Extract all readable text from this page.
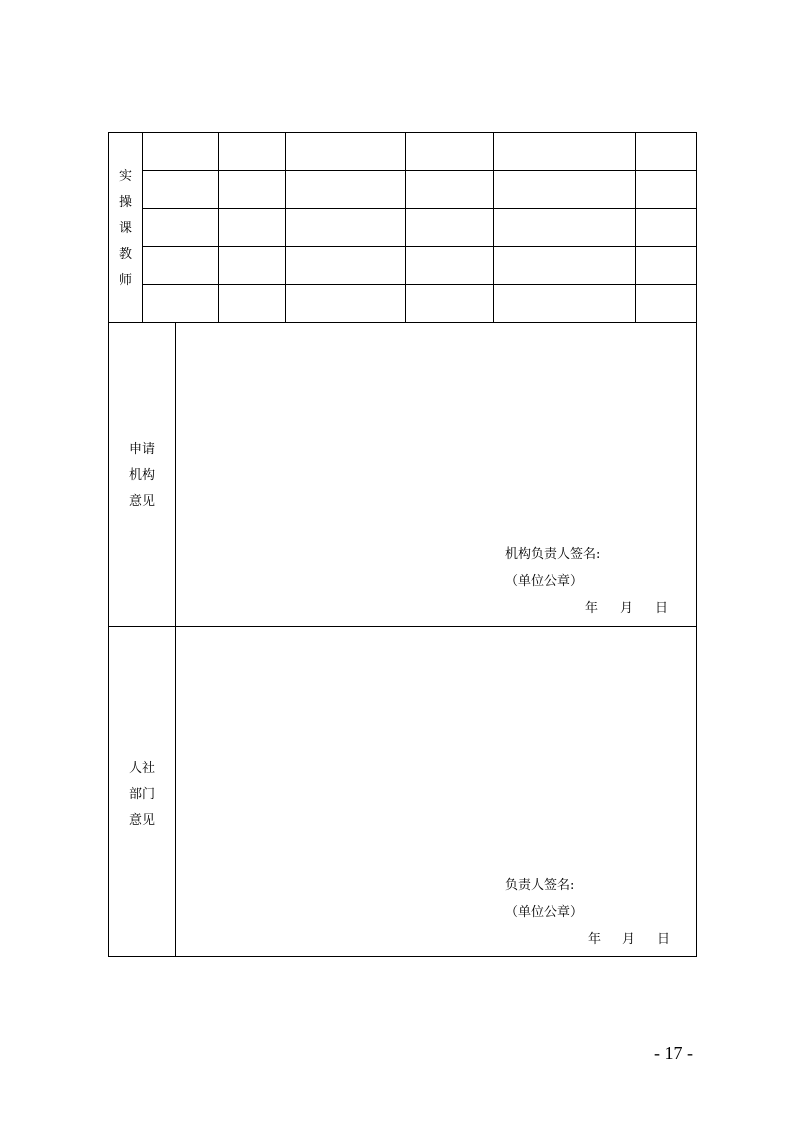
实
操
课
教
师
申请
机构
意见
机构负责人签名:
（单位公章）
年 月 日
人社
部门
意见
负责人签名:
（单位公章）
年 月 日
- 17 -
